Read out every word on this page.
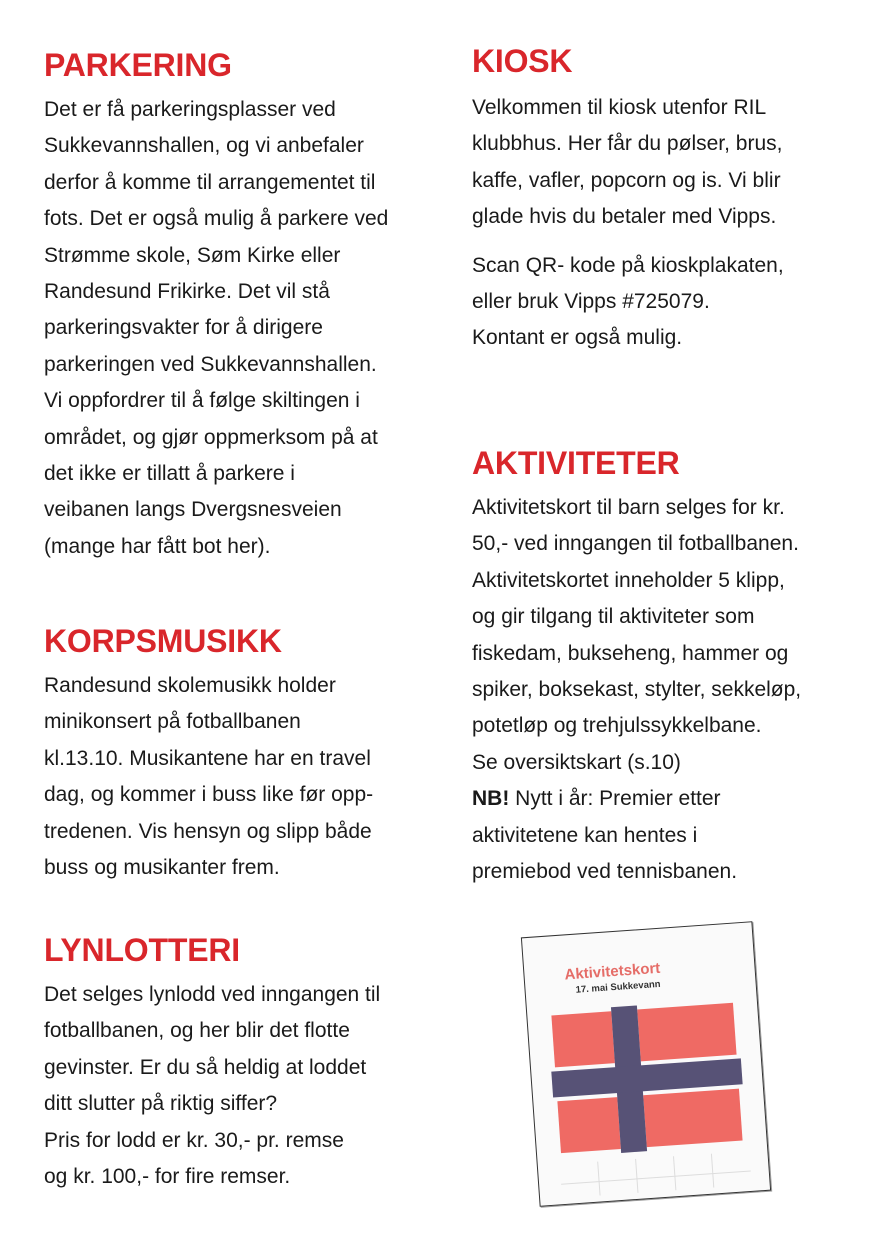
PARKERING

Det er få parkeringsplasser ved

Sukkevannshallen, og vi anbefaler

derfor å komme til arrangementet til

fots. Det er også mulig å parkere ved

Strømme skole, Søm Kirke eller

Randesund Frikirke. Det vil stå

parkeringsvakter for å dirigere

parkeringen ved Sukkevannshallen.

Vi oppfordrer til å følge skiltingen i

området, og gjør oppmerksom på at

det ikke er tillatt å parkere i

veibanen langs Dvergsnesveien

(mange har fått bot her).

KORPSMUSIKK

Randesund skolemusikk holder

minikonsert på fotballbanen

kl.13.10. Musikantene har en travel

dag, og kommer i buss like før opp-

tredenen. Vis hensyn og slipp både

buss og musikanter frem.

LYNLOTTERI

Det selges lynlodd ved inngangen til

fotballbanen, og her blir det flotte

gevinster. Er du så heldig at loddet

ditt slutter på riktig siffer?

Pris for lodd er kr. 30,- pr. remse

og kr. 100,- for fire remser.

KIOSK

Velkommen til kiosk utenfor RIL

klubbhus. Her får du pølser, brus,

kaffe, vafler, popcorn og is. Vi blir

glade hvis du betaler med Vipps.

Scan QR- kode på kioskplakaten,

eller bruk Vipps #725079.

Kontant er også mulig.

AKTIVITETER

Aktivitetskort til barn selges for kr.

50,- ved inngangen til fotballbanen.

Aktivitetskortet inneholder 5 klipp,

og gir tilgang til aktiviteter som

fiskedam, bukseheng, hammer og

spiker, boksekast, stylter, sekkeløp,

potetløp og trehjulssykkelbane.

Se oversiktskart (s.10)

NB! Nytt i år: Premier etter

aktivitetene kan hentes i

premiebod ved tennisbanen.

Aktivitetskort
17. mai Sukkevann
